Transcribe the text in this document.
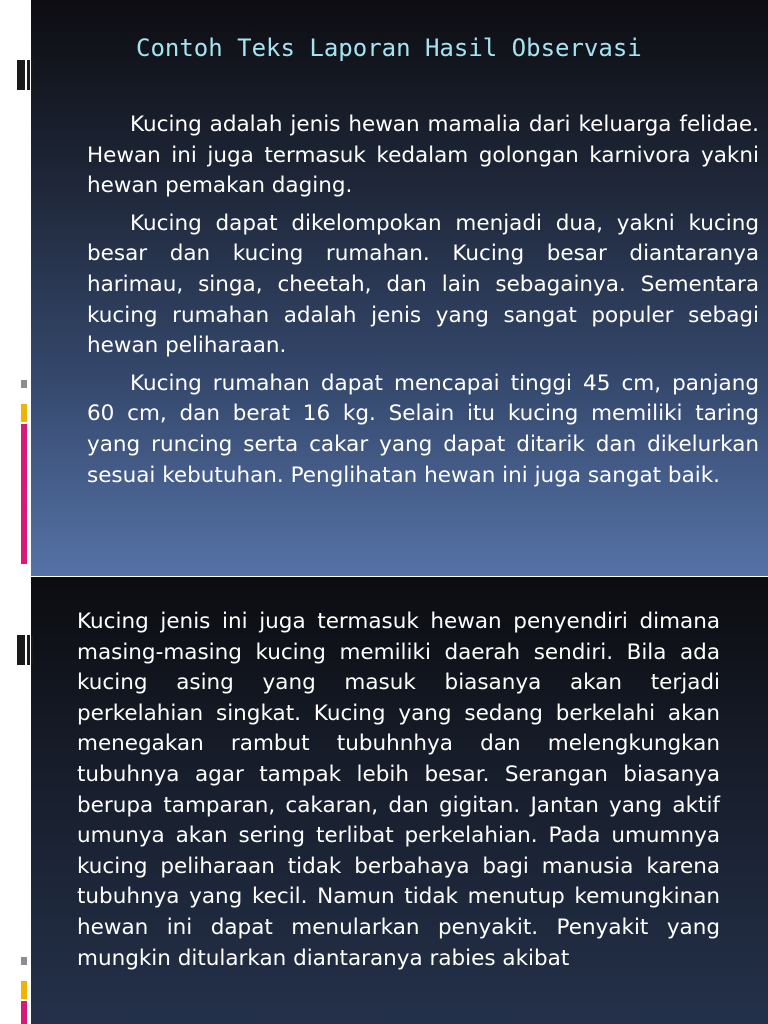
Contoh Teks Laporan Hasil Observasi

Kucing adalah jenis hewan mamalia dari keluarga felidae. Hewan ini juga termasuk kedalam golongan karnivora yakni hewan pemakan daging.

Kucing dapat dikelompokan menjadi dua, yakni kucing besar dan kucing rumahan. Kucing besar diantaranya harimau, singa, cheetah, dan lain sebagainya. Sementara kucing rumahan adalah jenis yang sangat populer sebagi hewan peliharaan.

Kucing rumahan dapat mencapai tinggi 45 cm, panjang 60 cm, dan berat 16 kg. Selain itu kucing memiliki taring yang runcing serta cakar yang dapat ditarik dan dikelurkan sesuai kebutuhan. Penglihatan hewan ini juga sangat baik.

Kucing jenis ini juga termasuk hewan penyendiri dimana masing-masing kucing memiliki daerah sendiri. Bila ada kucing asing yang masuk biasanya akan terjadi perkelahian singkat. Kucing yang sedang berkelahi akan menegakan rambut tubuhnhya dan melengkungkan tubuhnya agar tampak lebih besar. Serangan biasanya berupa tamparan, cakaran, dan gigitan. Jantan yang aktif umunya akan sering terlibat perkelahian. Pada umumnya kucing peliharaan tidak berbahaya bagi manusia karena tubuhnya yang kecil. Namun tidak menutup kemungkinan hewan ini dapat menularkan penyakit. Penyakit yang mungkin ditularkan diantaranya rabies akibat
